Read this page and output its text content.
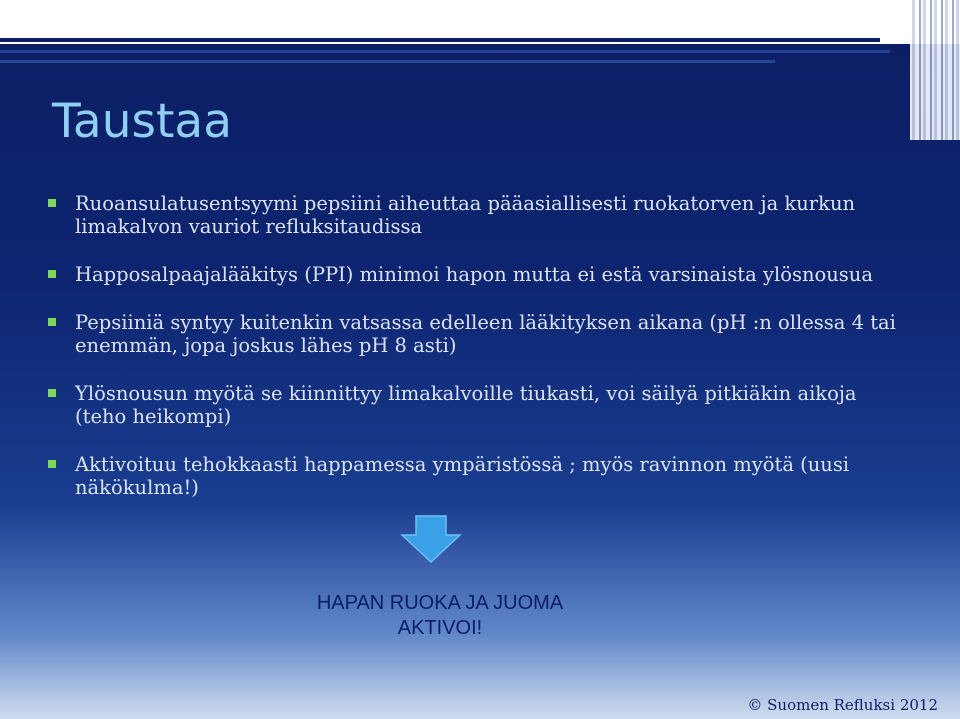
Taustaa
Ruoansulatusentsyymi pepsiini aiheuttaa pääasiallisesti ruokatorven ja kurkun limakalvon vauriot refluksitaudissa
Happosalpaajalääkitys (PPI) minimoi hapon mutta ei estä varsinaista ylösnousua
Pepsiiniä syntyy kuitenkin vatsassa edelleen lääkityksen aikana (pH :n ollessa 4 tai enemmän, jopa joskus lähes pH 8 asti)
Ylösnousun myötä se kiinnittyy limakalvoille tiukasti, voi säilyä pitkiäkin aikoja (teho heikompi)
Aktivoituu tehokkaasti happamessa ympäristössä ; myös ravinnon myötä (uusi näkökulma!)
HAPAN RUOKA JA JUOMA
AKTIVOI!
© Suomen Refluksi 2012
